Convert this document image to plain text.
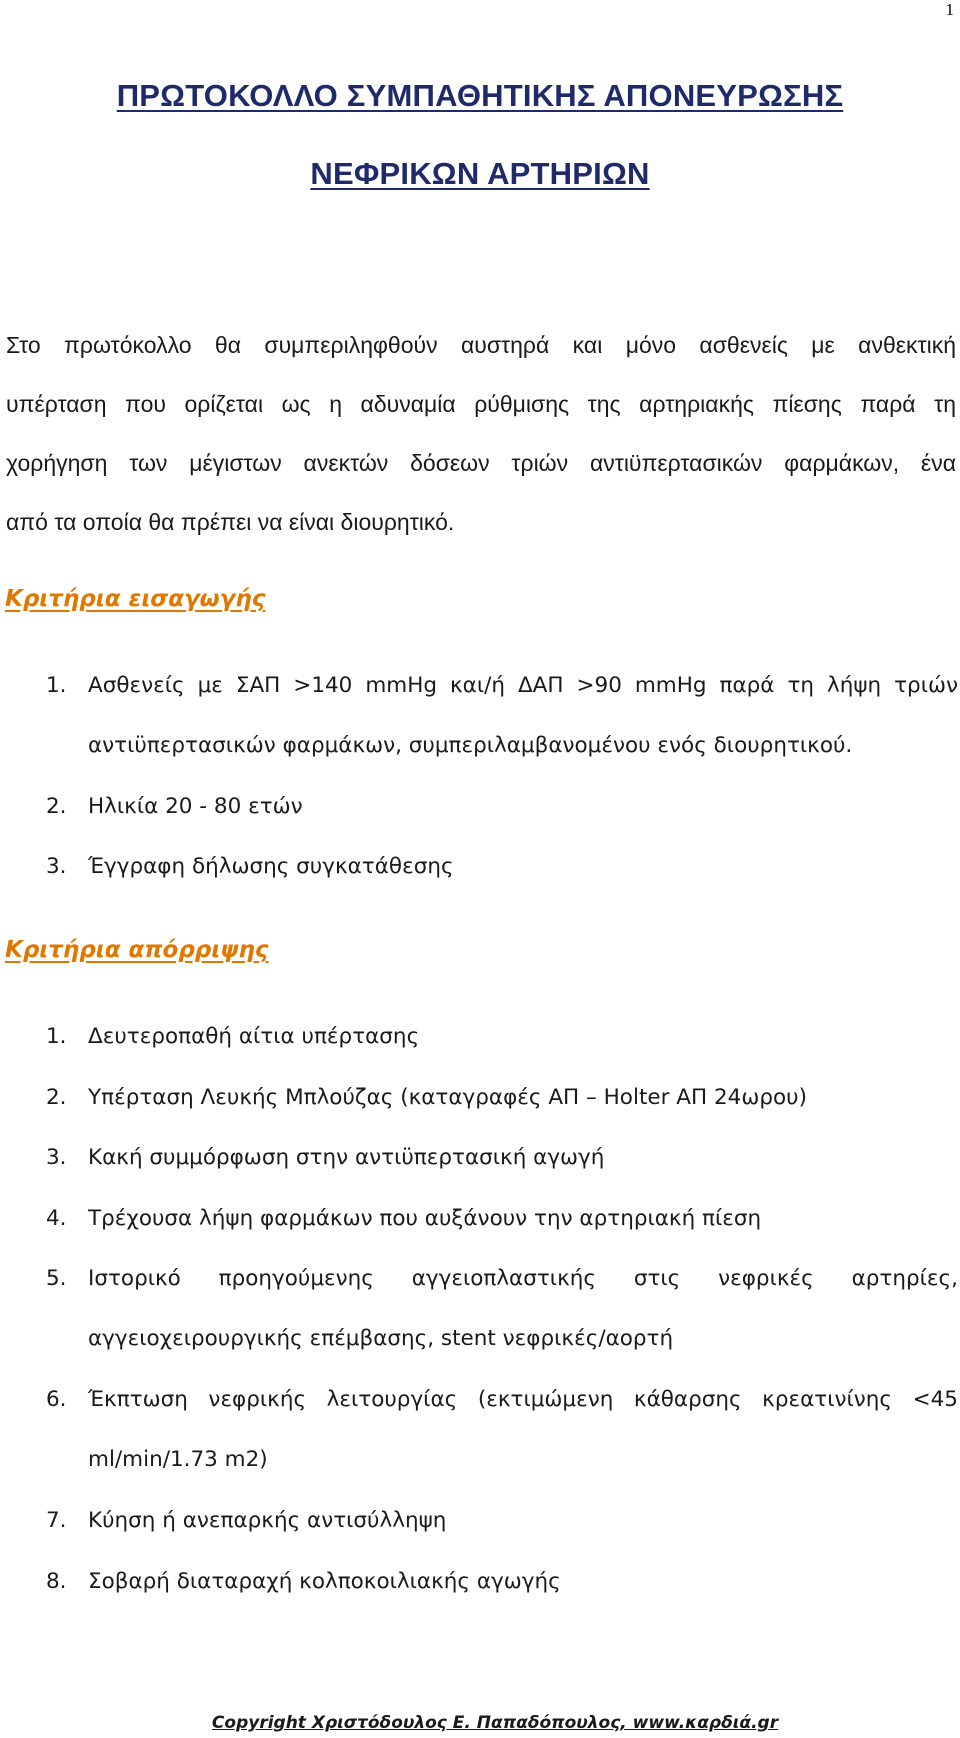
1
ΠΡΩΤΟΚΟΛΛΟ ΣΥΜΠΑΘΗΤΙΚΗΣ ΑΠΟΝΕΥΡΩΣΗΣ
ΝΕΦΡΙΚΩΝ ΑΡΤΗΡΙΩΝ
Στο πρωτόκολλο θα συμπεριληφθούν αυστηρά και μόνο ασθενείς με ανθεκτική
υπέρταση που ορίζεται ως η αδυναμία ρύθμισης της αρτηριακής πίεσης παρά τη
χορήγηση των μέγιστων ανεκτών δόσεων τριών αντιϋπερτασικών φαρμάκων, ένα
από τα οποία θα πρέπει να είναι διουρητικό.
Κριτήρια εισαγωγής
1. Ασθενείς με ΣΑΠ >140 mmHg και/ή ΔΑΠ >90 mmHg παρά τη λήψη τριών
αντιϋπερτασικών φαρμάκων, συμπεριλαμβανομένου ενός διουρητικού.
2. Ηλικία 20 - 80 ετών
3. Έγγραφη δήλωσης συγκατάθεσης
Κριτήρια απόρριψης
1. Δευτεροπαθή αίτια υπέρτασης
2. Υπέρταση Λευκής Μπλούζας (καταγραφές ΑΠ – Holter ΑΠ 24ωρου)
3. Κακή συμμόρφωση στην αντιϋπερτασική αγωγή
4. Τρέχουσα λήψη φαρμάκων που αυξάνουν την αρτηριακή πίεση
5. Ιστορικό προηγούμενης αγγειοπλαστικής στις νεφρικές αρτηρίες,
αγγειοχειρουργικής επέμβασης, stent νεφρικές/αορτή
6. Έκπτωση νεφρικής λειτουργίας (εκτιμώμενη κάθαρσης κρεατινίνης <45
ml/min/1.73 m2)
7. Κύηση ή ανεπαρκής αντισύλληψη
8. Σοβαρή διαταραχή κολποκοιλιακής αγωγής
Copyright Χριστόδουλος Ε. Παπαδόπουλος, www.καρδιά.gr
